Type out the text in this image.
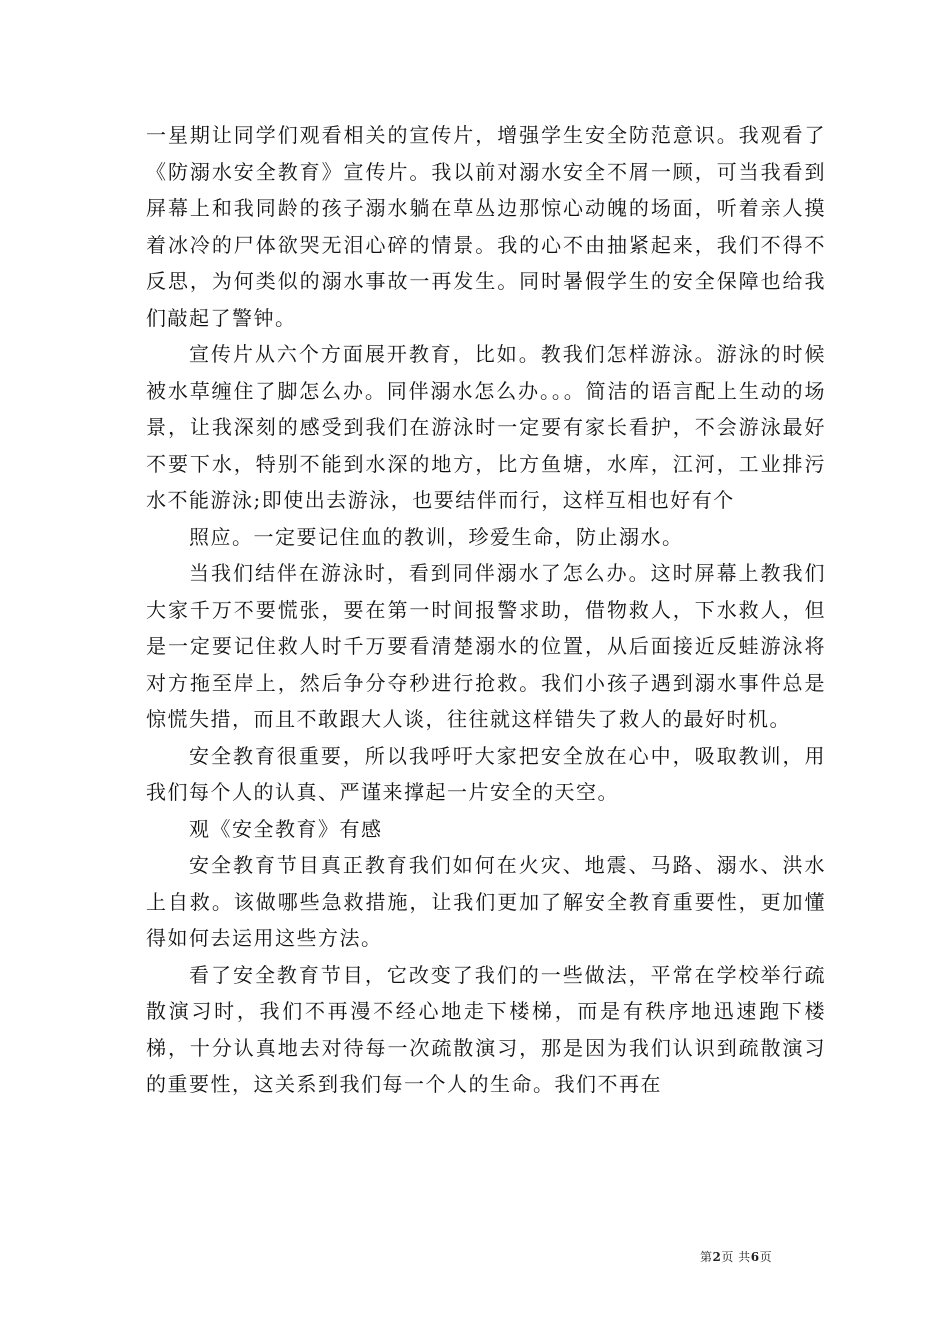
一星期让同学们观看相关的宣传片，增强学生安全防范意识。我观看了《防溺水安全教育》宣传片。我以前对溺水安全不屑一顾，可当我看到屏幕上和我同龄的孩子溺水躺在草丛边那惊心动魄的场面，听着亲人摸着冰冷的尸体欲哭无泪心碎的情景。我的心不由抽紧起来，我们不得不反思，为何类似的溺水事故一再发生。同时暑假学生的安全保障也给我们敲起了警钟。

宣传片从六个方面展开教育，比如。教我们怎样游泳。游泳的时候被水草缠住了脚怎么办。同伴溺水怎么办。。。简洁的语言配上生动的场景，让我深刻的感受到我们在游泳时一定要有家长看护，不会游泳最好不要下水，特别不能到水深的地方，比方鱼塘，水库，江河，工业排污水不能游泳;即使出去游泳，也要结伴而行，这样互相也好有个

照应。一定要记住血的教训，珍爱生命，防止溺水。

当我们结伴在游泳时，看到同伴溺水了怎么办。这时屏幕上教我们大家千万不要慌张，要在第一时间报警求助，借物救人，下水救人，但是一定要记住救人时千万要看清楚溺水的位置，从后面接近反蛙游泳将对方拖至岸上，然后争分夺秒进行抢救。我们小孩子遇到溺水事件总是惊慌失措，而且不敢跟大人谈，往往就这样错失了救人的最好时机。

安全教育很重要，所以我呼吁大家把安全放在心中，吸取教训，用我们每个人的认真、严谨来撑起一片安全的天空。

观《安全教育》有感

安全教育节目真正教育我们如何在火灾、地震、马路、溺水、洪水上自救。该做哪些急救措施，让我们更加了解安全教育重要性，更加懂得如何去运用这些方法。

看了安全教育节目，它改变了我们的一些做法，平常在学校举行疏散演习时，我们不再漫不经心地走下楼梯，而是有秩序地迅速跑下楼梯，十分认真地去对待每一次疏散演习，那是因为我们认识到疏散演习的重要性，这关系到我们每一个人的生命。我们不再在

第2页 共6页
